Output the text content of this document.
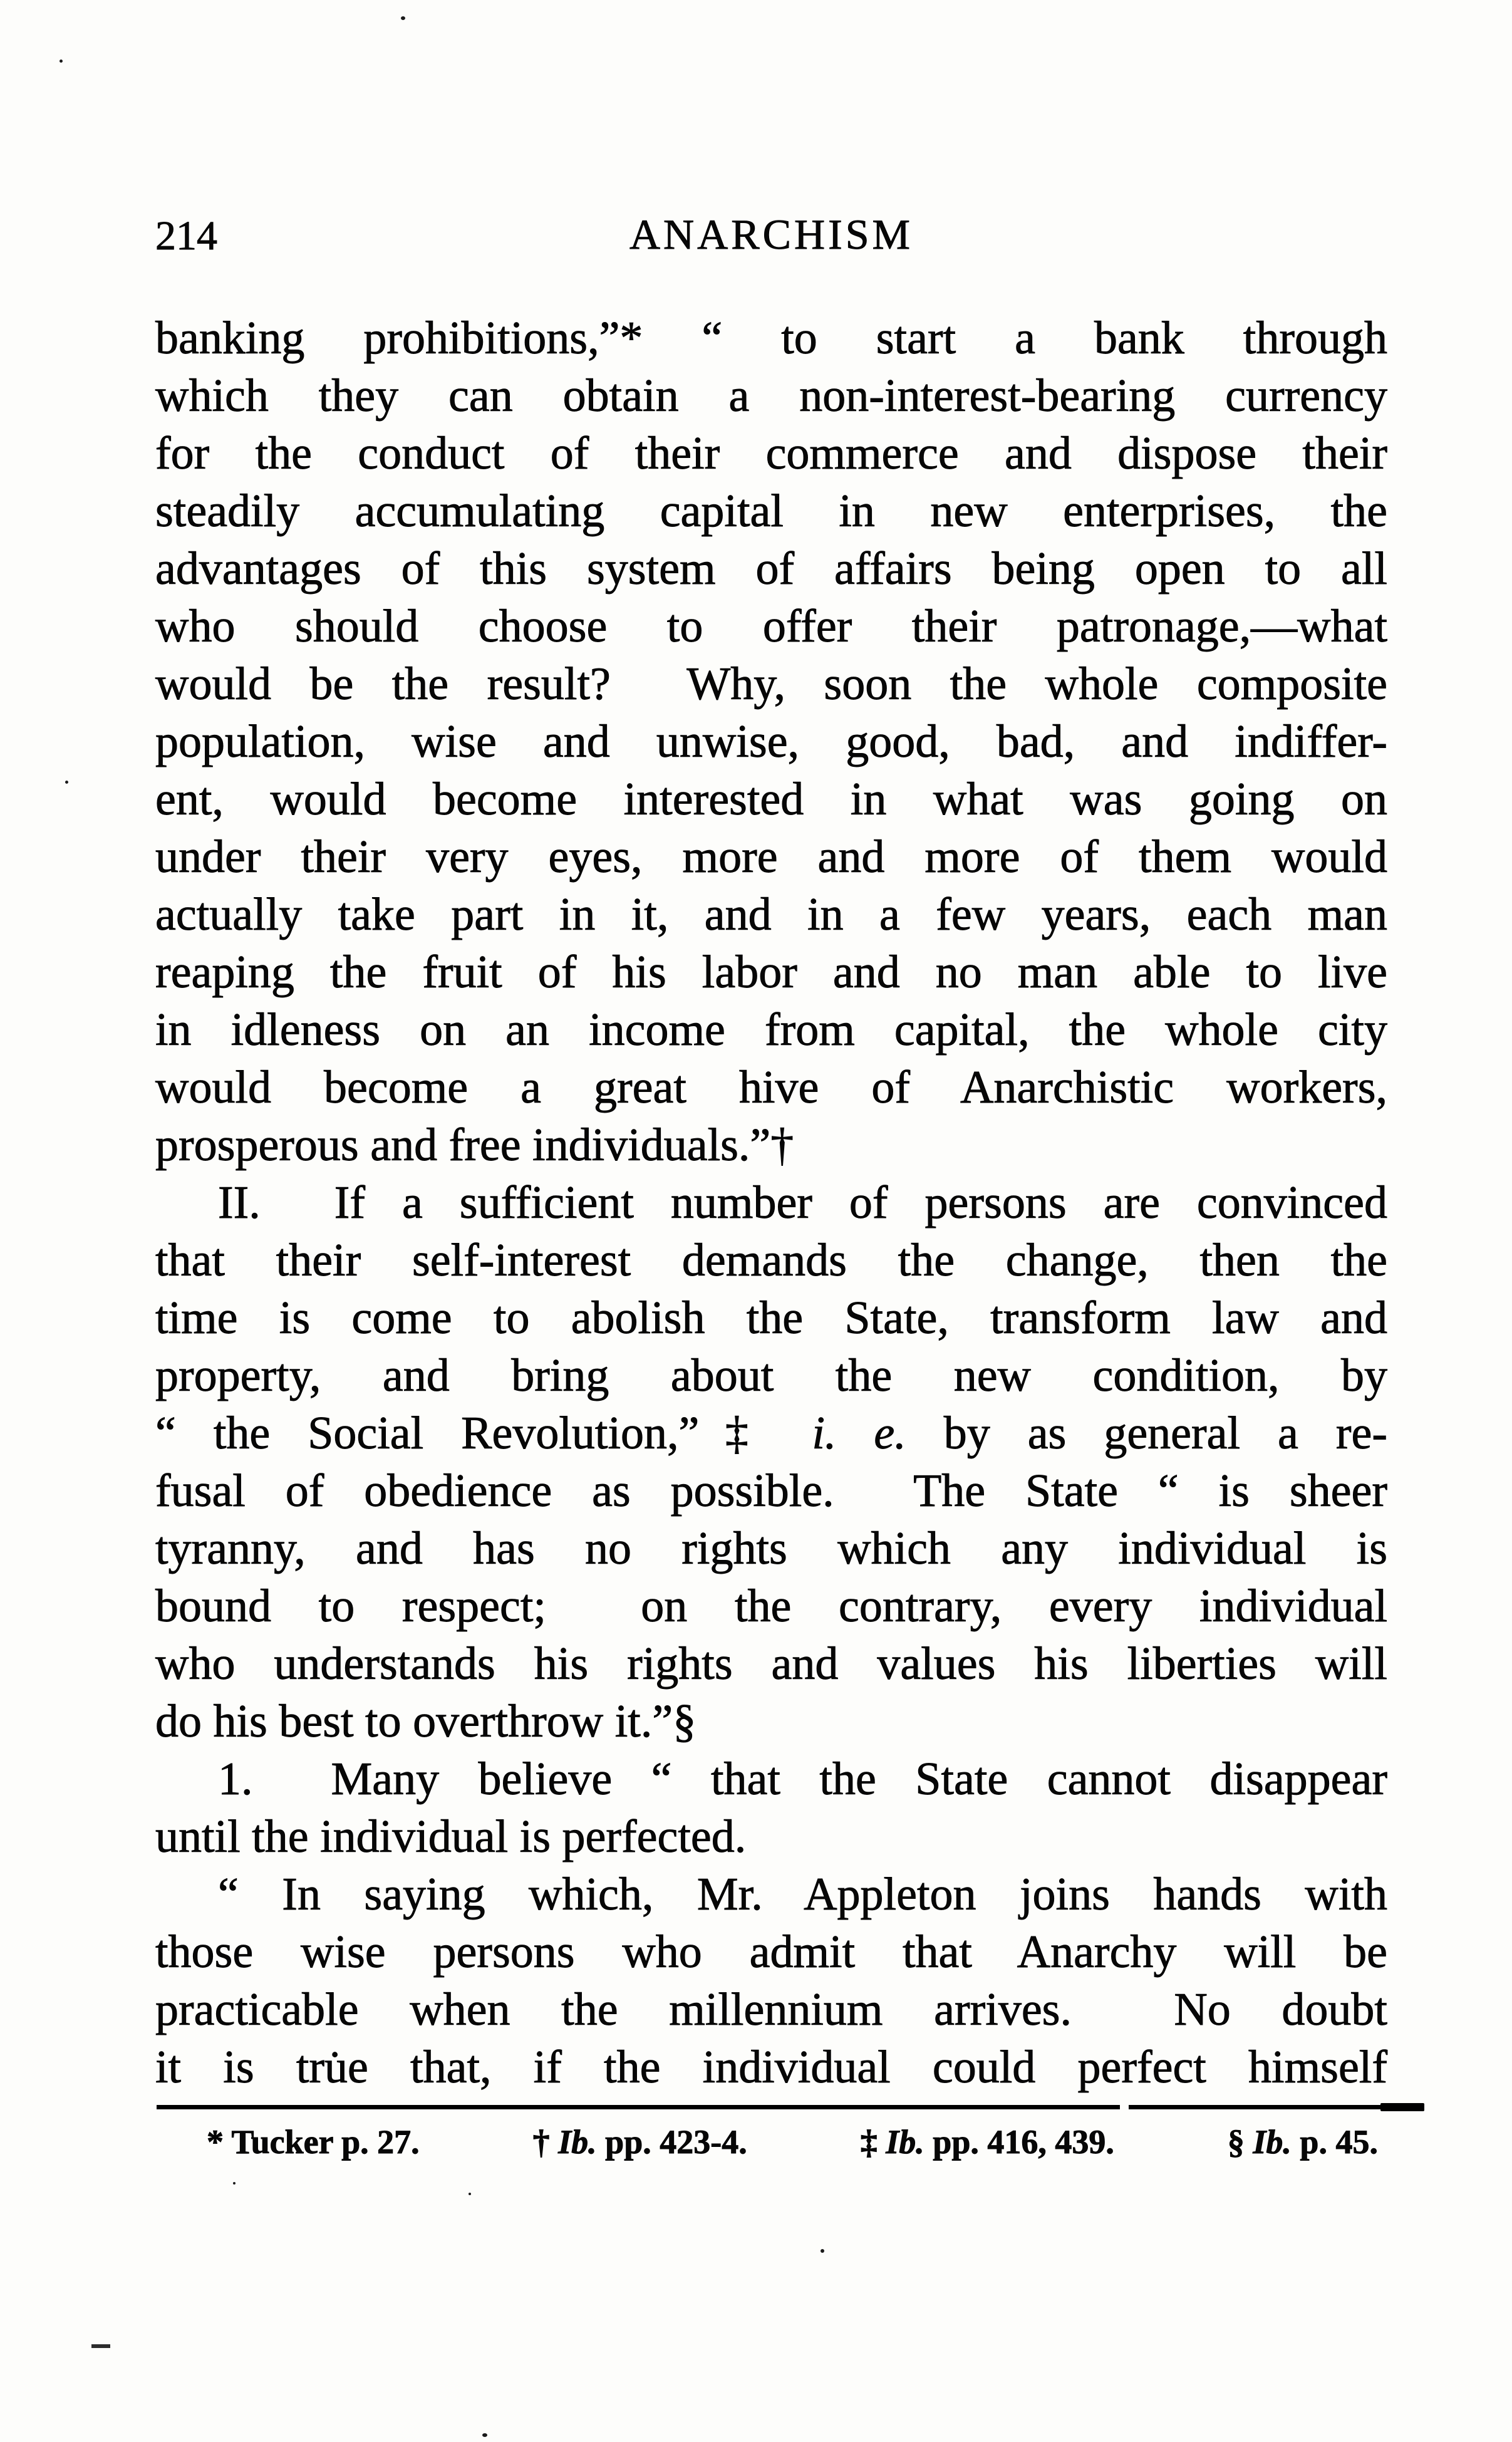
214	ANARCHISM
banking prohibitions,”* “ to start a bank through
which they can obtain a non-interest-bearing currency
for the conduct of their commerce and dispose their
steadily accumulating capital in new enterprises, the
advantages of this system of affairs being open to all
who should choose to offer their patronage,—what
would be the result?  Why, soon the whole composite
population, wise and unwise, good, bad, and indiffer-
ent, would become interested in what was going on
under their very eyes, more and more of them would
actually take part in it, and in a few years, each man
reaping the fruit of his labor and no man able to live
in idleness on an income from capital, the whole city
would become a great hive of Anarchistic workers,
prosperous and free individuals.”†
II.  If a sufficient number of persons are convinced
that their self-interest demands the change, then the
time is come to abolish the State, transform law and
property, and bring about the new condition, by
“ the Social Revolution,”‡ i. e. by as general a re-
fusal of obedience as possible.  The State “ is sheer
tyranny, and has no rights which any individual is
bound to respect;  on the contrary, every individual
who understands his rights and values his liberties will
do his best to overthrow it.”§
1.  Many believe “ that the State cannot disappear
until the individual is perfected.
“ In saying which, Mr. Appleton joins hands with
those wise persons who admit that Anarchy will be
practicable when the millennium arrives.  No doubt
it is tru̇e that, if the individual could perfect himself
* Tucker p. 27.	† Ib. pp. 423-4.	‡ Ib. pp. 416, 439.	§ Ib. p. 45.
